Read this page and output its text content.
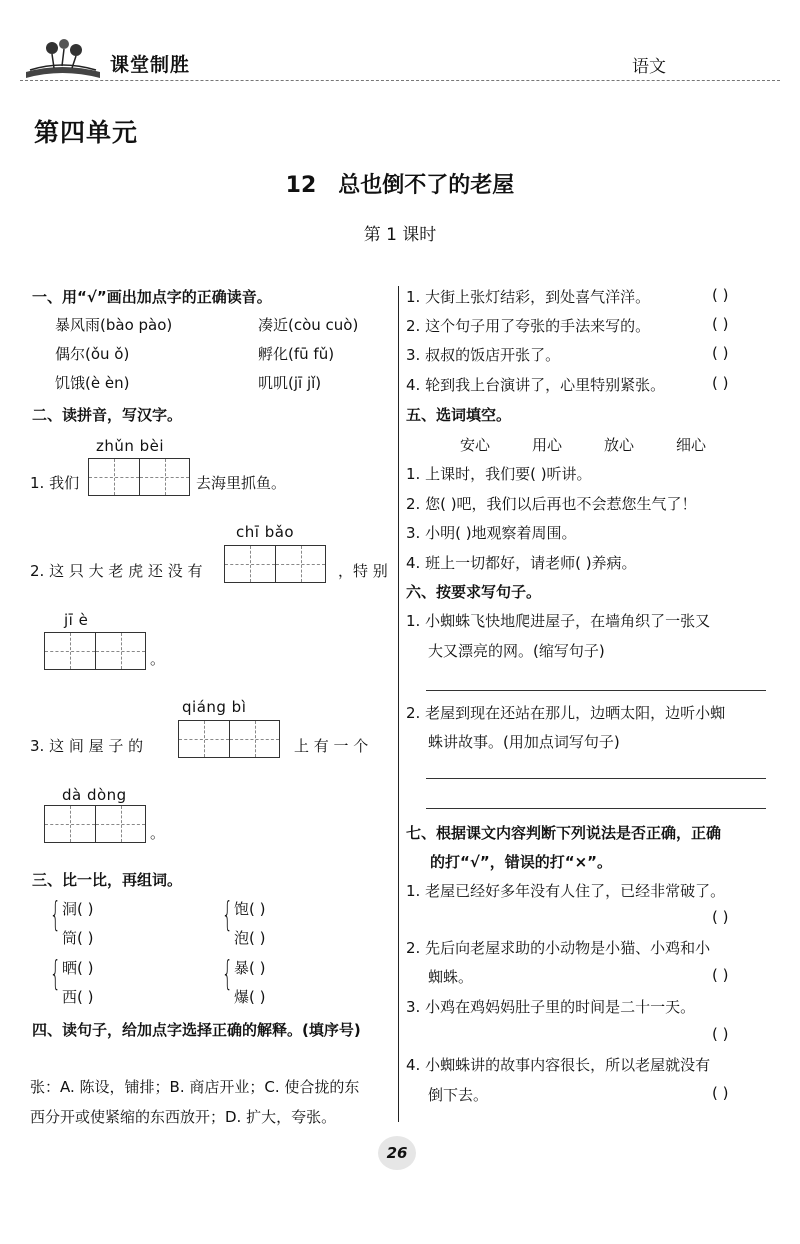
课堂制胜	语文
第四单元
12 总也倒不了的老屋
第 1 课时
一、用“√”画出加点字的正确读音。
暴风雨(bào pào)	凑近(còu cuò)
偶尔(ǒu ǒ)	孵化(fū fǔ)
饥饿(è èn)	叽叽(jī jǐ)
二、读拼音，写汉字。
zhǔn bèi
1. 我们	去海里抓鱼。
chī bǎo
2. 这 只 大 老 虎 还 没 有	，特 别
jī è
。
qiáng bì
3. 这 间 屋 子 的	上 有 一 个
dà dòng
。
三、比一比，再组词。
{ 洞( )
筒( )
{ 饱( )
泡( )
{ 晒( )
西( )
{ 暴( )
爆( )
四、读句子，给加点字选择正确的解释。(填序号)
张：A. 陈设，铺排；B. 商店开业；C. 使合拢的东
西分开或使紧缩的东西放开；D. 扩大，夸张。
1. 大街上张灯结彩，到处喜气洋洋。	( )
2. 这个句子用了夸张的手法来写的。	( )
3. 叔叔的饭店开张了。	( )
4. 轮到我上台演讲了，心里特别紧张。	( )
五、选词填空。
安心	用心	放心	细心
1. 上课时，我们要( )听讲。
2. 您( )吧，我们以后再也不会惹您生气了！
3. 小明( )地观察着周围。
4. 班上一切都好，请老师( )养病。
六、按要求写句子。
1. 小蜘蛛飞快地爬进屋子，在墙角织了一张又
大又漂亮的网。(缩写句子)
2. 老屋到现在还站在那儿，边晒太阳，边听小蜘
蛛讲故事。(用加点词写句子)
七、根据课文内容判断下列说法是否正确，正确
的打“√”，错误的打“×”。
1. 老屋已经好多年没有人住了，已经非常破了。
( )
2. 先后向老屋求助的小动物是小猫、小鸡和小
蜘蛛。	( )
3. 小鸡在鸡妈妈肚子里的时间是二十一天。
( )
4. 小蜘蛛讲的故事内容很长，所以老屋就没有
倒下去。	( )
26
